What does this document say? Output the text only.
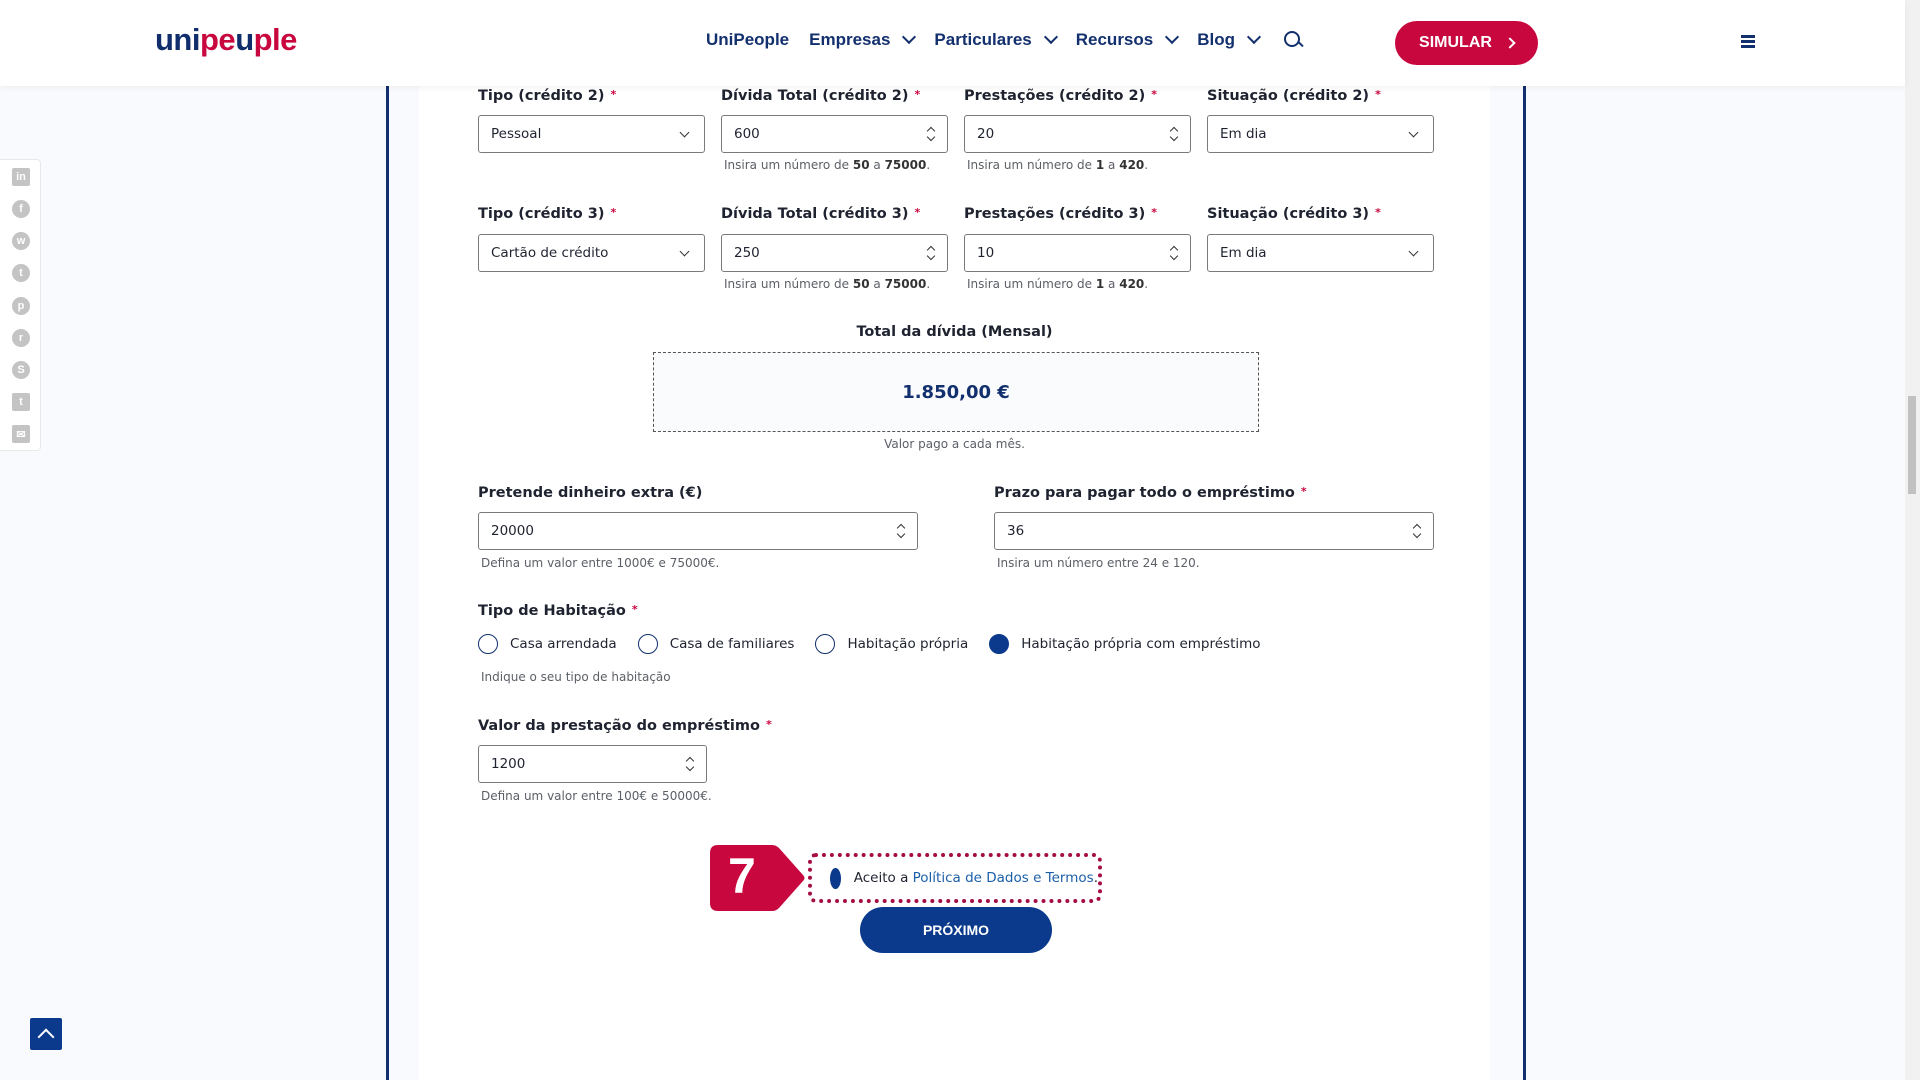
unipeuple	UniPeople Empresas	Particulares	Recursos	Blog	SIMULAR
in
f
w
t
p
r
S
t
✉
Tipo (crédito 2) *
Pessoal
Dívida Total (crédito 2) *
600
Insira um número de 50 a 75000.
Prestações (crédito 2) *
20
Insira um número de 1 a 420.
Situação (crédito 2) *
Em dia
Tipo (crédito 3) *
Cartão de crédito
Dívida Total (crédito 3) *
250
Insira um número de 50 a 75000.
Prestações (crédito 3) *
10
Insira um número de 1 a 420.
Situação (crédito 3) *
Em dia
Total da dívida (Mensal)
1.850,00 €
Valor pago a cada mês.
Pretende dinheiro extra (€)
20000
Defina um valor entre 1000€ e 75000€.
Prazo para pagar todo o empréstimo *
36
Insira um número entre 24 e 120.
Tipo de Habitação *
Casa arrendada	Casa de familiares	Habitação própria	Habitação própria com empréstimo
Indique o seu tipo de habitação
Valor da prestação do empréstimo *
1200
Defina um valor entre 100€ e 50000€.
7	Aceito a Política de Dados e Termos.
PRÓXIMO
